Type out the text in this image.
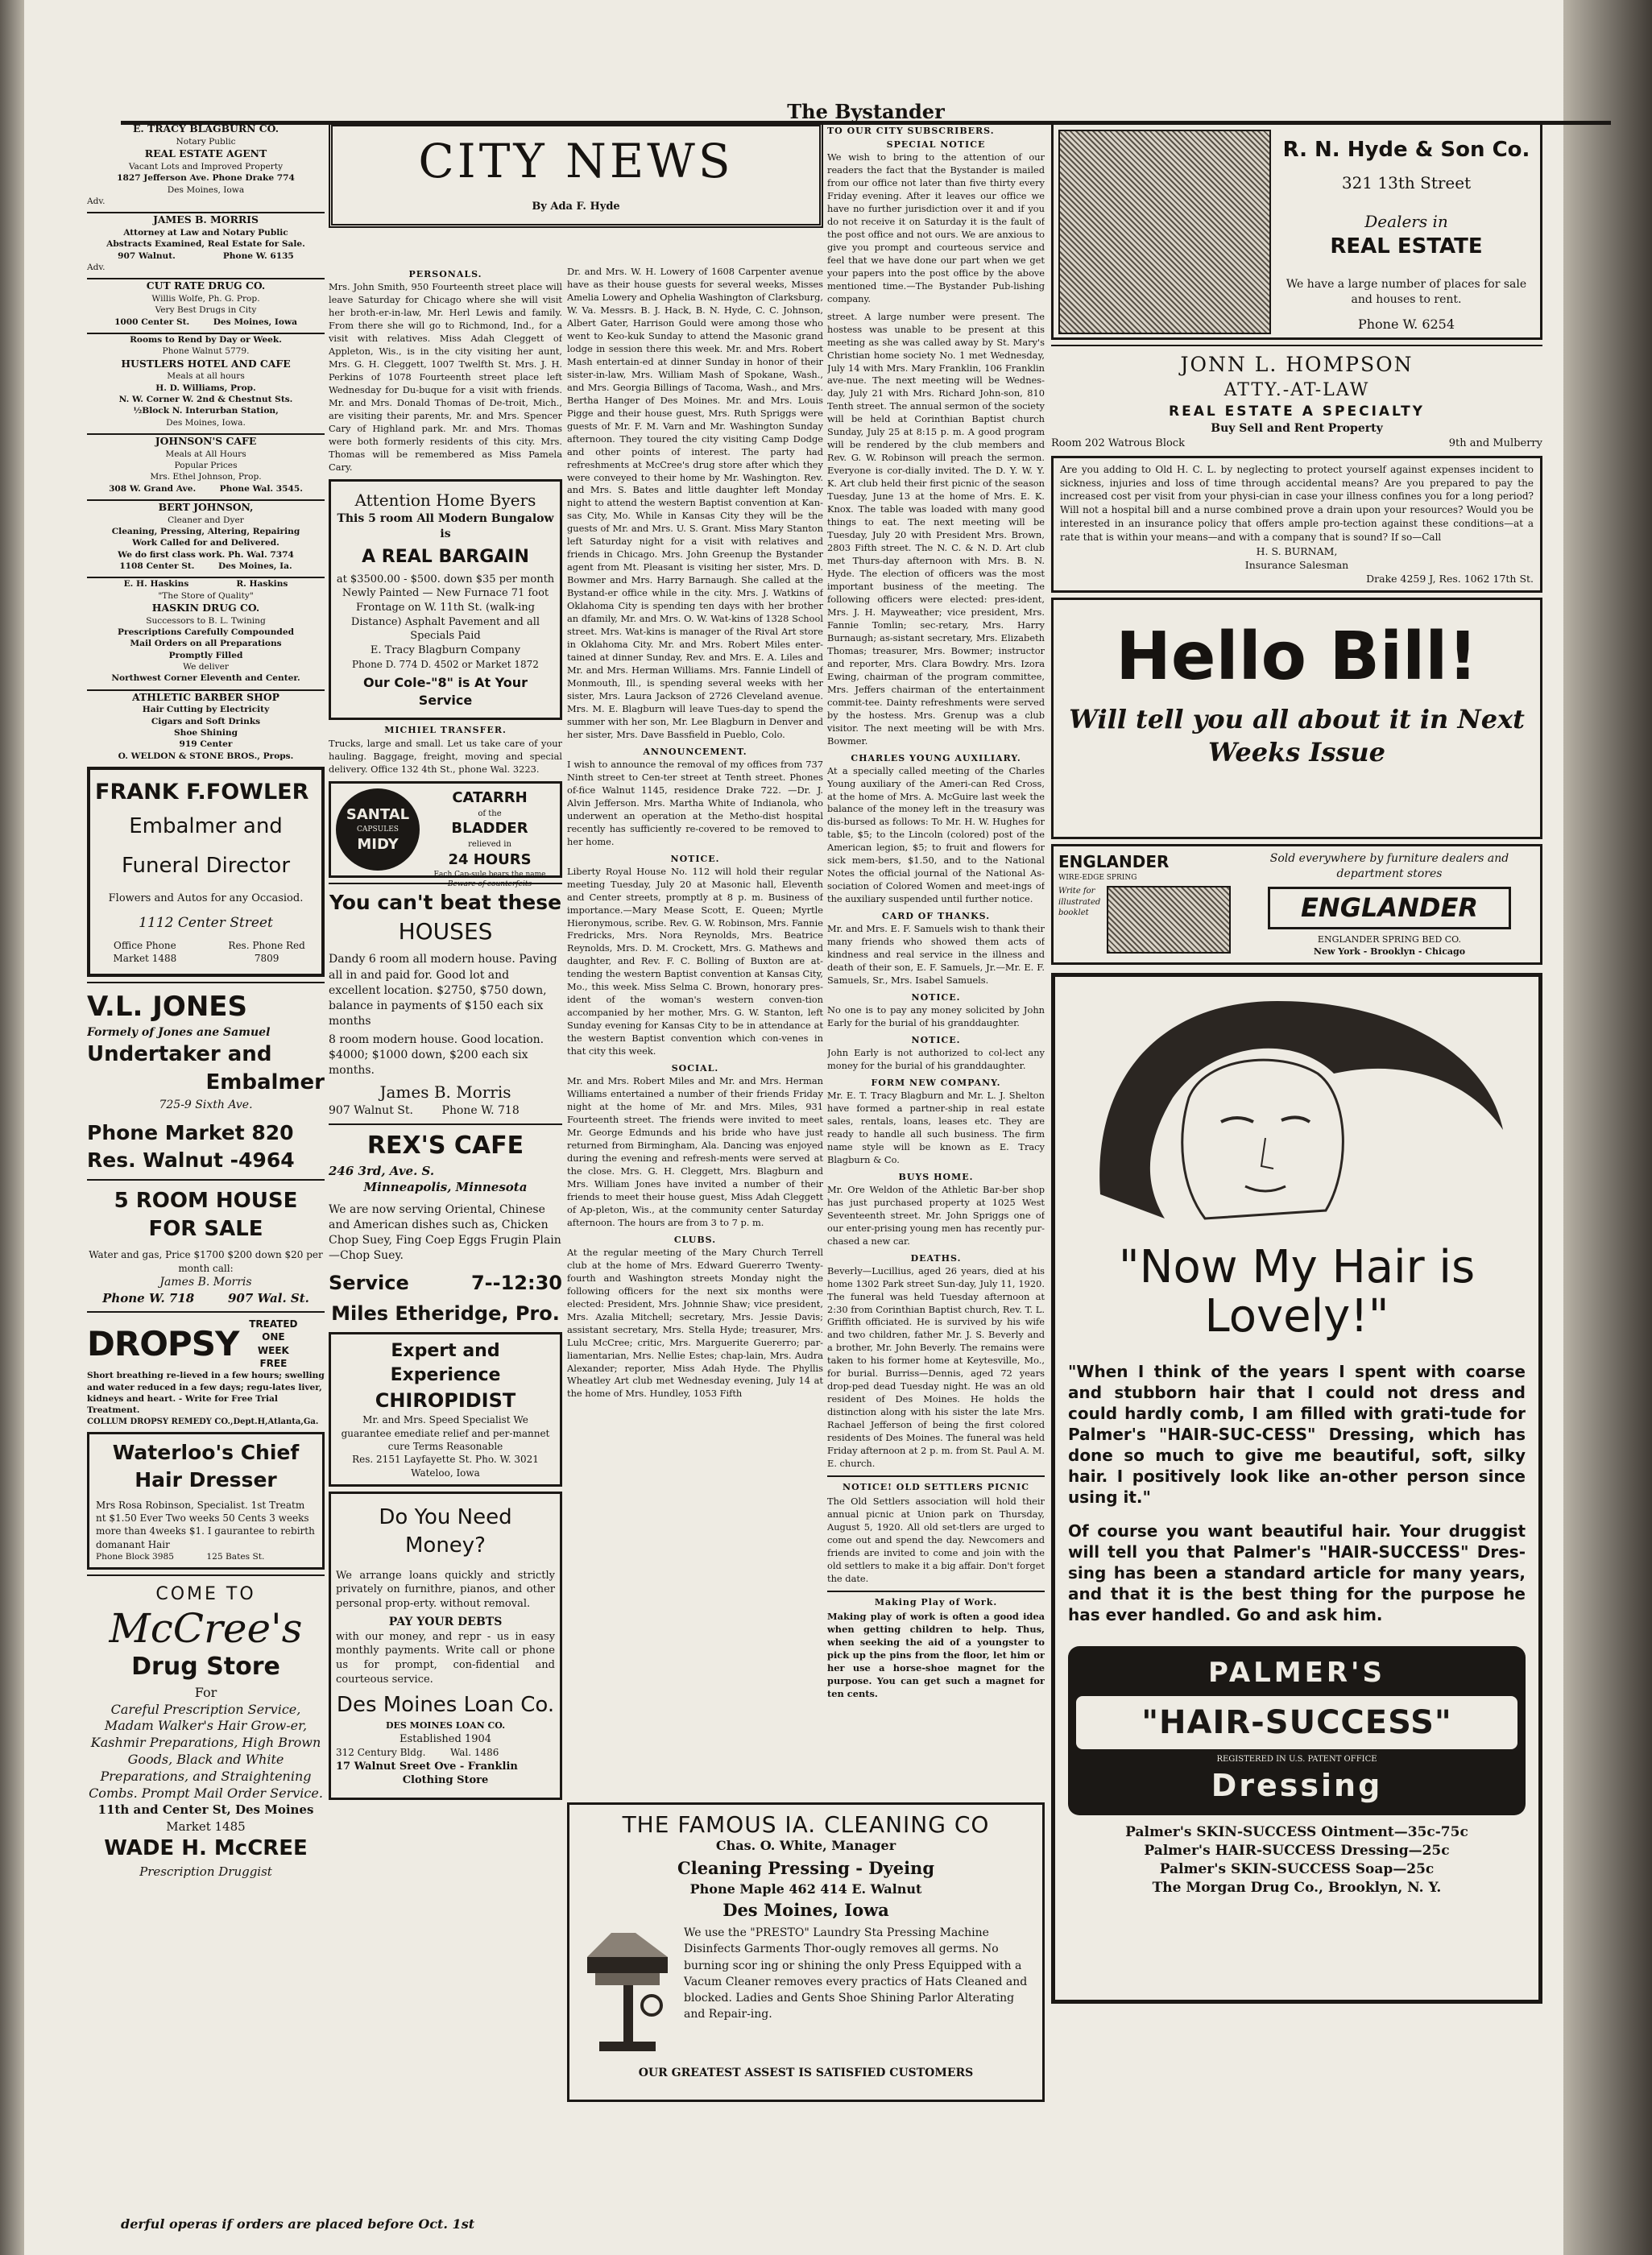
The Bystander
E. TRACY BLAGBURN CO.
Notary Public
REAL ESTATE AGENT
Vacant Lots and Improved Property
1827 Jefferson Ave. Phone Drake 774
Des Moines, Iowa
Adv.
JAMES B. MORRIS
Attorney at Law and Notary Public
Abstracts Examined, Real Estate for Sale.
907 Walnut.                Phone W. 6135
Adv.
CUT RATE DRUG CO.
Willis Wolfe, Ph. G. Prop.
Very Best Drugs in City
1000 Center St.        Des Moines, Iowa
Rooms to Rend by Day or Week.
Phone Walnut 5779.
HUSTLERS HOTEL AND CAFE
Meals at all hours
H. D. Williams, Prop.
N. W. Corner W. 2nd & Chestnut Sts.
½Block N. Interurban Station,
Des Moines, Iowa.
JOHNSON'S CAFE
Meals at All Hours
Popular Prices
Mrs. Ethel Johnson, Prop.
308 W. Grand Ave.        Phone Wal. 3545.
BERT JOHNSON,
Cleaner and Dyer
Cleaning, Pressing, Altering, Repairing
Work Called for and Delivered.
We do first class work. Ph. Wal. 7374
1108 Center St.        Des Moines, Ia.
E. H. Haskins                R. Haskins
"The Store of Quality"
HASKIN DRUG CO.
Successors to B. L. Twining
Prescriptions Carefully Compounded
Mail Orders on all Preparations
Promptly Filled
We deliver
Northwest Corner Eleventh and Center.
ATHLETIC BARBER SHOP
Hair Cutting by Electricity
Cigars and Soft Drinks
Shoe Shining
919 Center
O. WELDON & STONE BROS., Props.
FRANK F.FOWLER
Embalmer and
Funeral Director
Flowers and Autos for any Occasiod.
1112 Center Street
Office Phone Market 1488
Res. Phone Red 7809
V.L. JONES
Formely of Jones ane Samuel
Undertaker and
Embalmer
725-9 Sixth Ave.
Phone Market 820
Res. Walnut -4964
5 ROOM HOUSE FOR SALE
Water and gas, Price $1700 $200 down $20 per month call:
James B. Morris
Phone W. 718        907 Wal. St.
DROPSY
TREATED ONE WEEK FREE
Short breathing re-lieved in a few hours; swelling and water reduced in a few days; regu-lates liver, kidneys and heart. - Write for Free Trial Treatment.
COLLUM DROPSY REMEDY CO.,Dept.H,Atlanta,Ga.
Waterloo's Chief Hair Dresser
Mrs Rosa Robinson, Specialist. 1st Treatm nt $1.50 Ever Two weeks 50 Cents 3 weeks more than 4weeks $1. I gaurantee to rebirth domanant Hair
Phone Block 3985            125 Bates St.
COME TO
McCree's
Drug Store
For
Careful Prescription Service, Madam Walker's Hair Grow-er, Kashmir Preparations, High Brown Goods, Black and White Preparations, and Straightening Combs. Prompt Mail Order Service.
11th and Center St, Des Moines
Market 1485
WADE H. McCREE
Prescription Druggist
CITY NEWS
By Ada F. Hyde
PERSONALS.
Mrs. John Smith, 950 Fourteenth street place will leave Saturday for Chicago where she will visit her broth-er-in-law, Mr. Herl Lewis and family. From there she will go to Richmond, Ind., for a visit with relatives. Miss Adah Cleggett of Appleton, Wis., is in the city visiting her aunt, Mrs. G. H. Cleggett, 1007 Twelfth St. Mrs. J. H. Perkins of 1078 Fourteenth street place left Wednesday for Du-buque for a visit with friends. Mr. and Mrs. Donald Thomas of De-troit, Mich., are visiting their parents, Mr. and Mrs. Spencer Cary of Highland park. Mr. and Mrs. Thomas were both formerly residents of this city. Mrs. Thomas will be remembered as Miss Pamela Cary.
Attention Home Byers
This 5 room All Modern Bungalow is
A REAL BARGAIN
at $3500.00 - $500. down $35 per month Newly Painted — New Furnace 71 foot Frontage on W. 11th St. (walk-ing Distance) Asphalt Pavement and all Specials Paid
E. Tracy Blagburn Company
Phone D. 774 D. 4502 or Market 1872
Our Cole-"8" is At Your Service
MICHIEL TRANSFER.
Trucks, large and small. Let us take care of your hauling. Baggage, freight, moving and special delivery. Office 132 4th St., phone Wal. 3223.
SANTAL
CAPSULES
MIDY
CATARRH
of the
BLADDER
relieved in
24 HOURS
Each Cap-sule bears the name
Beware of counterfeits
You can't beat these
HOUSES
Dandy 6 room all modern house. Paving all in and paid for. Good lot and excellent location. $2750, $750 down, balance in payments of $150 each six months
8 room modern house. Good location. $4000; $1000 down, $200 each six months.
James B. Morris
907 Walnut St.        Phone W. 718
REX'S CAFE
246 3rd, Ave. S.
Minneapolis, Minnesota
We are now serving Oriental, Chinese and American dishes such as, Chicken Chop Suey, Fing Coep Eggs Frugin Plain—Chop Suey.
Service	7--12:30
Miles Etheridge, Pro.
Expert and Experience
CHIROPIDIST
Mr. and Mrs. Speed Specialist We guarantee emediate relief and per-mannet cure Terms Reasonable
Res. 2151 Layfayette St. Pho. W. 3021
Wateloo, Iowa
Do You Need Money?
We arrange loans quickly and strictly privately on furnithre, pianos, and other personal prop-erty. without removal.
PAY YOUR DEBTS
with our money, and repr - us in easy monthly payments. Write call or phone us for prompt, con-fidential and courteous service.
Des Moines Loan Co.
DES MOINES LOAN CO.
Established 1904
312 Century Bldg.        Wal. 1486
17 Walnut Sreet Ove - Franklin
Clothing Store
Dr. and Mrs. W. H. Lowery of 1608 Carpenter avenue have as their house guests for several weeks, Misses Amelia Lowery and Ophelia Washington of Clarksburg, W. Va. Messrs. B. J. Hack, B. N. Hyde, C. C. Johnson, Albert Gater, Harrison Gould were among those who went to Keo-kuk Sunday to attend the Masonic grand lodge in session there this week. Mr. and Mrs. Robert Mash entertain-ed at dinner Sunday in honor of their sister-in-law, Mrs. William Mash of Spokane, Wash., and Mrs. Georgia Billings of Tacoma, Wash., and Mrs. Bertha Hanger of Des Moines. Mr. and Mrs. Louis Pigge and their house guest, Mrs. Ruth Spriggs were guests of Mr. F. M. Varn and Mr. Washington Sunday afternoon. They toured the city visiting Camp Dodge and other points of interest. The party had refreshments at McCree's drug store after which they were conveyed to their home by Mr. Washington. Rev. and Mrs. S. Bates and little daughter left Monday night to attend the western Baptist convention at Kan-sas City, Mo. While in Kansas City they will be the guests of Mr. and Mrs. U. S. Grant. Miss Mary Stanton left Saturday night for a visit with relatives and friends in Chicago. Mrs. John Greenup the Bystander agent from Mt. Pleasant is visiting her sister, Mrs. D. Bowmer and Mrs. Harry Barnaugh. She called at the Bystand-er office while in the city. Mrs. J. Watkins of Oklahoma City is spending ten days with her brother an dfamily, Mr. and Mrs. O. W. Wat-kins of 1328 School street. Mrs. Wat-kins is manager of the Rival Art store in Oklahoma City. Mr. and Mrs. Robert Miles enter-tained at dinner Sunday, Rev. and Mrs. E. A. Liles and Mr. and Mrs. Herman Williams. Mrs. Fannie Lindell of Monmouth, Ill., is spending several weeks with her sister, Mrs. Laura Jackson of 2726 Cleveland avenue. Mrs. M. E. Blagburn will leave Tues-day to spend the summer with her son, Mr. Lee Blagburn in Denver and her sister, Mrs. Dave Bassfield in Pueblo, Colo.
ANNOUNCEMENT.
I wish to announce the removal of my offices from 737 Ninth street to Cen-ter street at Tenth street. Phones of-fice Walnut 1145, residence Drake 722. —Dr. J. Alvin Jefferson. Mrs. Martha White of Indianola, who underwent an operation at the Metho-dist hospital recently has sufficiently re-covered to be removed to her home.
NOTICE.
Liberty Royal House No. 112 will hold their regular meeting Tuesday, July 20 at Masonic hall, Eleventh and Center streets, promptly at 8 p. m. Business of importance.—Mary Mease Scott, E. Queen; Myrtle Hieronymous, scribe. Rev. G. W. Robinson, Mrs. Fannie Fredricks, Mrs. Nora Reynolds, Mrs. Beatrice Reynolds, Mrs. D. M. Crockett, Mrs. G. Mathews and daughter, and Rev. F. C. Bolling of Buxton are at-tending the western Baptist convention at Kansas City, Mo., this week. Miss Selma C. Brown, honorary pres-ident of the woman's western conven-tion accompanied by her mother, Mrs. G. W. Stanton, left Sunday evening for Kansas City to be in attendance at the western Baptist convention which con-venes in that city this week.
SOCIAL.
Mr. and Mrs. Robert Miles and Mr. and Mrs. Herman Williams entertained a number of their friends Friday night at the home of Mr. and Mrs. Miles, 931 Fourteenth street. The friends were invited to meet Mr. George Edmunds and his bride who have just returned from Birmingham, Ala. Dancing was enjoyed during the evening and refresh-ments were served at the close. Mrs. G. H. Cleggett, Mrs. Blagburn and Mrs. William Jones have invited a number of their friends to meet their house guest, Miss Adah Cleggett of Ap-pleton, Wis., at the community center Saturday afternoon. The hours are from 3 to 7 p. m.
CLUBS.
At the regular meeting of the Mary Church Terrell club at the home of Mrs. Edward Guererro Twenty-fourth and Washington streets Monday night the following officers for the next six months were elected: President, Mrs. Johnnie Shaw; vice president, Mrs. Azalia Mitchell; secretary, Mrs. Jessie Davis; assistant secretary, Mrs. Stella Hyde; treasurer, Mrs. Lulu McCree; critic, Mrs. Marguerite Guererro; par-liamentarian, Mrs. Nellie Estes; chap-lain, Mrs. Audra Alexander; reporter, Miss Adah Hyde. The Phyllis Wheatley Art club met Wednesday evening, July 14 at the home of Mrs. Hundley, 1053 Fifth
TO OUR CITY SUBSCRIBERS.
SPECIAL NOTICE
We wish to bring to the attention of our readers the fact that the Bystander is mailed from our office not later than five thirty every Friday evening. After it leaves our office we have no further jurisdiction over it and if you do not receive it on Saturday it is the fault of the post office and not ours. We are anxious to give you prompt and courteous service and feel that we have done our part when we get your papers into the post office by the above mentioned time.—The Bystander Pub-lishing company.
street. A large number were present. The hostess was unable to be present at this meeting as she was called away by St. Mary's Christian home society No. 1 met Wednesday, July 14 with Mrs. Mary Franklin, 106 Franklin ave-nue. The next meeting will be Wednes-day, July 21 with Mrs. Richard John-son, 810 Tenth street. The annual sermon of the society will be held at Corinthian Baptist church Sunday, July 25 at 8:15 p. m. A good program will be rendered by the club members and Rev. G. W. Robinson will preach the sermon. Everyone is cor-dially invited. The D. Y. W. Y. K. Art club held their first picnic of the season Tuesday, June 13 at the home of Mrs. E. K. Knox. The table was loaded with many good things to eat. The next meeting will be Tuesday, July 20 with President Mrs. Brown, 2803 Fifth street. The N. C. & N. D. Art club met Thurs-day afternoon with Mrs. B. N. Hyde. The election of officers was the most important business of the meeting. The following officers were elected: pres-ident, Mrs. J. H. Mayweather; vice president, Mrs. Fannie Tomlin; sec-retary, Mrs. Harry Burnaugh; as-sistant secretary, Mrs. Elizabeth Thomas; treasurer, Mrs. Bowmer; instructor and reporter, Mrs. Clara Bowdry. Mrs. Izora Ewing, chairman of the program committee, Mrs. Jeffers chairman of the entertainment commit-tee. Dainty refreshments were served by the hostess. Mrs. Grenup was a club visitor. The next meeting will be with Mrs. Bowmer.
CHARLES YOUNG AUXILIARY.
At a specially called meeting of the Charles Young auxiliary of the Ameri-can Red Cross, at the home of Mrs. A. McGuire last week the balance of the money left in the treasury was dis-bursed as follows: To Mr. H. W. Hughes for table, $5; to the Lincoln (colored) post of the American legion, $5; to fruit and flowers for sick mem-bers, $1.50, and to the National Notes the official journal of the National As-sociation of Colored Women and meet-ings of the auxiliary suspended until further notice.
CARD OF THANKS.
Mr. and Mrs. E. F. Samuels wish to thank their many friends who showed them acts of kindness and real service in the illness and death of their son, E. F. Samuels, Jr.—Mr. E. F. Samuels, Sr., Mrs. Isabel Samuels.
NOTICE.
No one is to pay any money solicited by John Early for the burial of his granddaughter.
NOTICE.
John Early is not authorized to col-lect any money for the burial of his granddaughter.
FORM NEW COMPANY.
Mr. E. T. Tracy Blagburn and Mr. L. J. Shelton have formed a partner-ship in real estate sales, rentals, loans, leases etc. They are ready to handle all such business. The firm name style will be known as E. Tracy Blagburn & Co.
BUYS HOME.
Mr. Ore Weldon of the Athletic Bar-ber shop has just purchased property at 1025 West Seventeenth street. Mr. John Spriggs one of our enter-prising young men has recently pur-chased a new car.
DEATHS.
Beverly—Lucillius, aged 26 years, died at his home 1302 Park street Sun-day, July 11, 1920. The funeral was held Tuesday afternoon at 2:30 from Corinthian Baptist church, Rev. T. L. Griffith officiated. He is survived by his wife and two children, father Mr. J. S. Beverly and a brother, Mr. John Beverly. The remains were taken to his former home at Keytesville, Mo., for burial. Burriss—Dennis, aged 72 years drop-ped dead Tuesday night. He was an old resident of Des Moines. He holds the distinction along with his sister the late Mrs. Rachael Jefferson of being the first colored residents of Des Moines. The funeral was held Friday afternoon at 2 p. m. from St. Paul A. M. E. church.
NOTICE! OLD SETTLERS PICNIC
The Old Settlers association will hold their annual picnic at Union park on Thursday, August 5, 1920. All old set-tlers are urged to come out and spend the day. Newcomers and friends are invited to come and join with the old settlers to make it a big affair. Don't forget the date.
Making Play of Work.
Making play of work is often a good idea when getting children to help. Thus, when seeking the aid of a youngster to pick up the pins from the floor, let him or her use a horse-shoe magnet for the purpose. You can get such a magnet for ten cents.
THE FAMOUS IA. CLEANING CO
Chas. O. White, Manager
Cleaning Pressing - Dyeing
Phone Maple 462 414 E. Walnut
Des Moines, Iowa
We use the "PRESTO" Laundry Sta Pressing Machine Disinfects Garments Thor-ougly removes all germs. No burning scor ing or shining the only Press Equipped with a Vacum Cleaner removes every practics of Hats Cleaned and blocked. Ladies and Gents Shoe Shining Parlor Alterating and Repair-ing.
OUR GREATEST ASSEST IS SATISFIED CUSTOMERS
R. N. Hyde & Son Co.
321 13th Street
Dealers in
REAL ESTATE
We have a large number of places for sale and houses to rent.
Phone W. 6254
JONN L. HOMPSON
ATTY.-AT-LAW
REAL ESTATE A SPECIALTY
Buy Sell and Rent Property
Room 202 Watrous Block	9th and Mulberry
Are you adding to Old H. C. L. by neglecting to protect yourself against expenses incident to sickness, injuries and loss of time through accidental means? Are you prepared to pay the increased cost per visit from your physi-cian in case your illness confines you for a long period? Will not a hospital bill and a nurse combined prove a drain upon your resources? Would you be interested in an insurance policy that offers ample pro-tection against these conditions—at a rate that is within your means—and with a company that is sound? If so—Call
H. S. BURNAM,
Insurance Salesman
Drake 4259 J, Res. 1062 17th St.
Hello Bill!
Will tell you all about it in Next Weeks Issue
ENGLANDER
WIRE-EDGE SPRING
Write for illustrated booklet
Sold everywhere by furniture dealers and department stores
ENGLANDER
ENGLANDER SPRING BED CO.
New York - Brooklyn - Chicago
"Now My Hair is Lovely!"
"When I think of the years I spent with coarse and stubborn hair that I could not dress and could hardly comb, I am filled with grati-tude for Palmer's "HAIR-SUC-CESS" Dressing, which has done so much to give me beautiful, soft, silky hair. I positively look like an-other person since using it."
Of course you want beautiful hair. Your druggist will tell you that Palmer's "HAIR-SUCCESS" Dres-sing has been a standard article for many years, and that it is the best thing for the purpose he has ever handled. Go and ask him.
PALMER'S
"HAIR-SUCCESS"
REGISTERED IN U.S. PATENT OFFICE
Dressing
Palmer's SKIN-SUCCESS Ointment—35c-75c
Palmer's HAIR-SUCCESS Dressing—25c
Palmer's SKIN-SUCCESS Soap—25c
The Morgan Drug Co., Brooklyn, N. Y.
derful operas if orders are placed before Oct. 1st
